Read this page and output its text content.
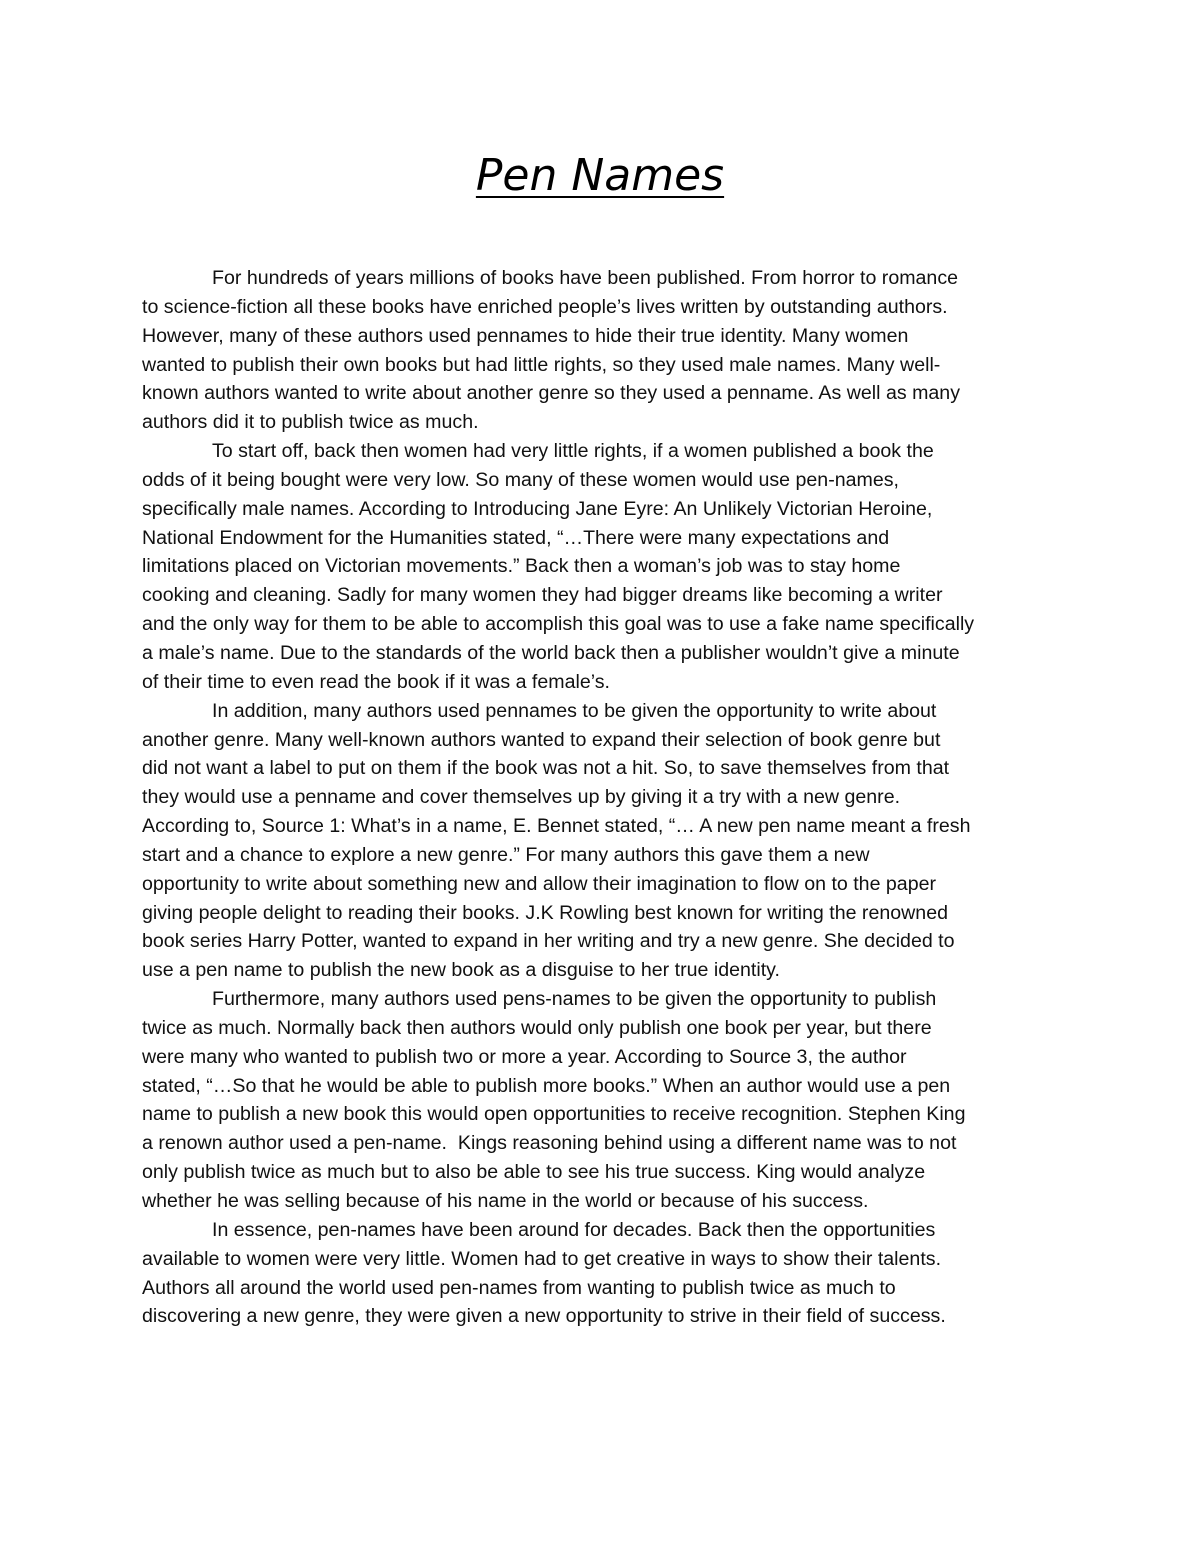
Pen Names
For hundreds of years millions of books have been published. From horror to romance
to science-fiction all these books have enriched people’s lives written by outstanding authors.
However, many of these authors used pennames to hide their true identity. Many women
wanted to publish their own books but had little rights, so they used male names. Many well-
known authors wanted to write about another genre so they used a penname. As well as many
authors did it to publish twice as much.
To start off, back then women had very little rights, if a women published a book the
odds of it being bought were very low. So many of these women would use pen-names,
specifically male names. According to Introducing Jane Eyre: An Unlikely Victorian Heroine,
National Endowment for the Humanities stated, “…There were many expectations and
limitations placed on Victorian movements.” Back then a woman’s job was to stay home
cooking and cleaning. Sadly for many women they had bigger dreams like becoming a writer
and the only way for them to be able to accomplish this goal was to use a fake name specifically
a male’s name. Due to the standards of the world back then a publisher wouldn’t give a minute
of their time to even read the book if it was a female’s.
In addition, many authors used pennames to be given the opportunity to write about
another genre. Many well-known authors wanted to expand their selection of book genre but
did not want a label to put on them if the book was not a hit. So, to save themselves from that
they would use a penname and cover themselves up by giving it a try with a new genre.
According to, Source 1: What’s in a name, E. Bennet stated, “… A new pen name meant a fresh
start and a chance to explore a new genre.” For many authors this gave them a new
opportunity to write about something new and allow their imagination to flow on to the paper
giving people delight to reading their books. J.K Rowling best known for writing the renowned
book series Harry Potter, wanted to expand in her writing and try a new genre. She decided to
use a pen name to publish the new book as a disguise to her true identity.
Furthermore, many authors used pens-names to be given the opportunity to publish
twice as much. Normally back then authors would only publish one book per year, but there
were many who wanted to publish two or more a year. According to Source 3, the author
stated, “…So that he would be able to publish more books.” When an author would use a pen
name to publish a new book this would open opportunities to receive recognition. Stephen King
a renown author used a pen-name.  Kings reasoning behind using a different name was to not
only publish twice as much but to also be able to see his true success. King would analyze
whether he was selling because of his name in the world or because of his success.
In essence, pen-names have been around for decades. Back then the opportunities
available to women were very little. Women had to get creative in ways to show their talents.
Authors all around the world used pen-names from wanting to publish twice as much to
discovering a new genre, they were given a new opportunity to strive in their field of success.
